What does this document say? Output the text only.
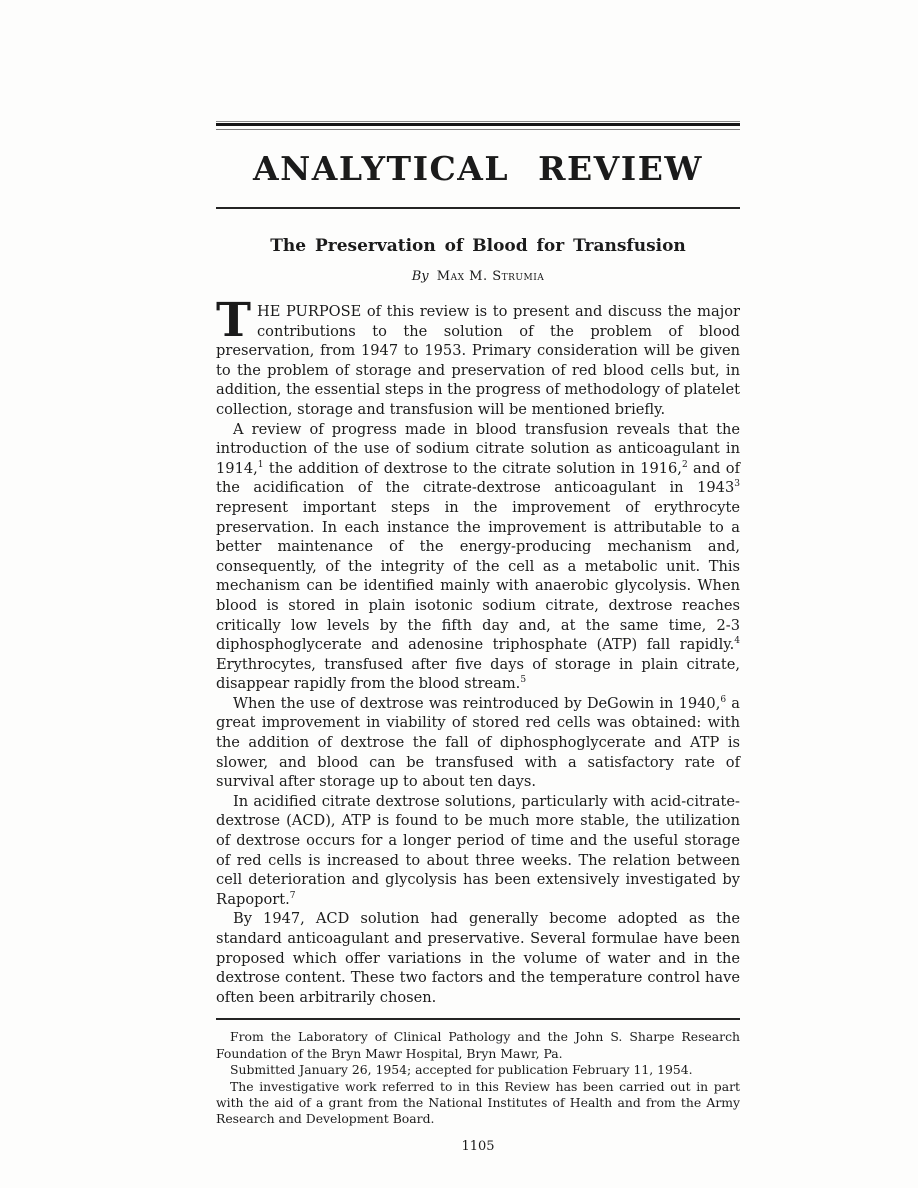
ANALYTICAL REVIEW
The Preservation of Blood for Transfusion
By Max M. Strumia

THE PURPOSE of this review is to present and discuss the major contributions to the solution of the problem of blood preservation, from 1947 to 1953. Primary consideration will be given to the problem of storage and preservation of red blood cells but, in addition, the essential steps in the progress of methodology of platelet collection, storage and transfusion will be mentioned briefly.

A review of progress made in blood transfusion reveals that the introduction of the use of sodium citrate solution as anticoagulant in 1914,$^1$ the addition of dextrose to the citrate solution in 1916,$^2$ and of the acidification of the citrate-dextrose anticoagulant in 1943$^3$ represent important steps in the improvement of erythrocyte preservation. In each instance the improvement is attributable to a better maintenance of the energy-producing mechanism and, consequently, of the integrity of the cell as a metabolic unit. This mechanism can be identified mainly with anaerobic glycolysis. When blood is stored in plain isotonic sodium citrate, dextrose reaches critically low levels by the fifth day and, at the same time, 2-3 diphosphoglycerate and adenosine triphosphate (ATP) fall rapidly.$^4$ Erythrocytes, transfused after five days of storage in plain citrate, disappear rapidly from the blood stream.$^5$

When the use of dextrose was reintroduced by DeGowin in 1940,$^6$ a great improvement in viability of stored red cells was obtained: with the addition of dextrose the fall of diphosphoglycerate and ATP is slower, and blood can be transfused with a satisfactory rate of survival after storage up to about ten days.

In acidified citrate dextrose solutions, particularly with acid-citrate-dextrose (ACD), ATP is found to be much more stable, the utilization of dextrose occurs for a longer period of time and the useful storage of red cells is increased to about three weeks. The relation between cell deterioration and glycolysis has been extensively investigated by Rapoport.$^7$

By 1947, ACD solution had generally become adopted as the standard anticoagulant and preservative. Several formulae have been proposed which offer variations in the volume of water and in the dextrose content. These two factors and the temperature control have often been arbitrarily chosen.

From the Laboratory of Clinical Pathology and the John S. Sharpe Research Foundation of the Bryn Mawr Hospital, Bryn Mawr, Pa.

Submitted January 26, 1954; accepted for publication February 11, 1954.

The investigative work referred to in this Review has been carried out in part with the aid of a grant from the National Institutes of Health and from the Army Research and Development Board.

1105
